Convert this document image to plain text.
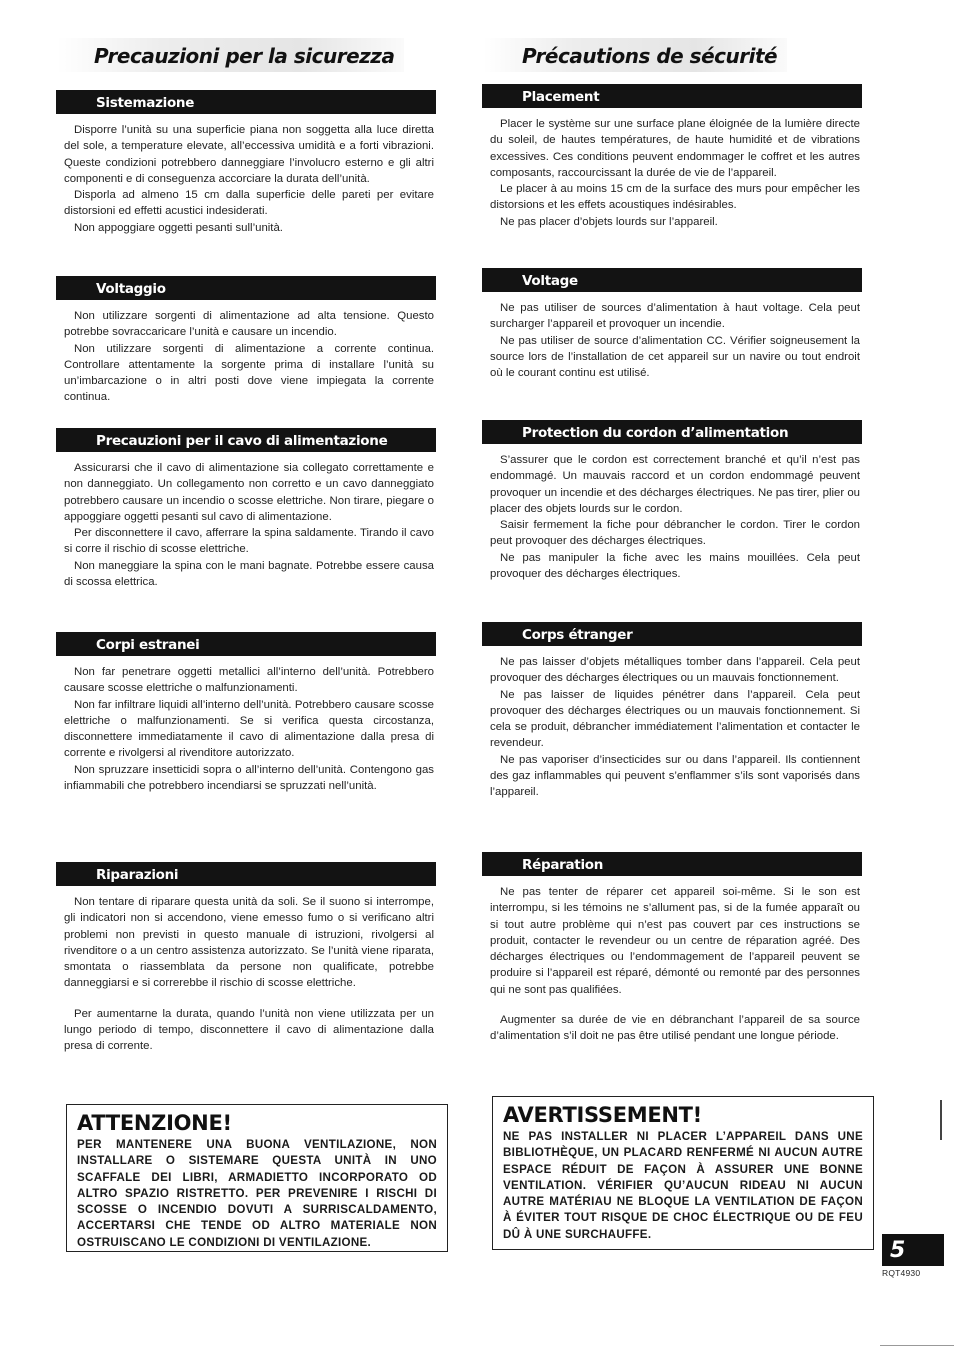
Precauzioni per la sicurezza
Sistemazione

Disporre l’unità su una superficie piana non soggetta alla luce diretta del sole, a temperature elevate, all’eccessiva umidità e a forti vibrazioni. Queste condizioni potrebbero danneggiare l’involucro esterno e gli altri componenti e di conseguenza accorciare la durata dell’unità.

Disporla ad almeno 15 cm dalla superficie delle pareti per evitare distorsioni ed effetti acustici indesiderati.

Non appoggiare oggetti pesanti sull’unità.

Voltaggio

Non utilizzare sorgenti di alimentazione ad alta tensione. Questo potrebbe sovraccaricare l’unità e causare un incendio.

Non utilizzare sorgenti di alimentazione a corrente continua. Controllare attentamente la sorgente prima di installare l’unità su un’imbarcazione o in altri posti dove viene impiegata la corrente continua.

Precauzioni per il cavo di alimentazione

Assicurarsi che il cavo di alimentazione sia collegato correttamente e non danneggiato. Un collegamento non corretto e un cavo danneggiato potrebbero causare un incendio o scosse elettriche. Non tirare, piegare o appoggiare oggetti pesanti sul cavo di alimentazione.

Per disconnettere il cavo, afferrare la spina saldamente. Tirando il cavo si corre il rischio di scosse elettriche.

Non maneggiare la spina con le mani bagnate. Potrebbe essere causa di scossa elettrica.

Corpi estranei

Non far penetrare oggetti metallici all’interno dell’unità. Potrebbero causare scosse elettriche o malfunzionamenti.

Non far infiltrare liquidi all’interno dell’unità. Potrebbero causare scosse elettriche o malfunzionamenti. Se si verifica questa circostanza, disconnettere immediatamente il cavo di alimentazione dalla presa di corrente e rivolgersi al rivenditore autorizzato.

Non spruzzare insetticidi sopra o all’interno dell’unità. Contengono gas infiammabili che potrebbero incendiarsi se spruzzati nell’unità.

Riparazioni

Non tentare di riparare questa unità da soli. Se il suono si interrompe, gli indicatori non si accendono, viene emesso fumo o si verificano altri problemi non previsti in questo manuale di istruzioni, rivolgersi al rivenditore o a un centro assistenza autorizzato. Se l’unità viene riparata, smontata o riassemblata da persone non qualificate, potrebbe danneggiarsi e si correrebbe il rischio di scosse elettriche.

Per aumentarne la durata, quando l’unità non viene utilizzata per un lungo periodo di tempo, disconnettere il cavo di alimentazione dalla presa di corrente.

ATTENZIONE!
PER MANTENERE UNA BUONA VENTILAZIONE, NON INSTALLARE O SISTEMARE QUESTA UNITÀ IN UNO SCAFFALE DEI LIBRI, ARMADIETTO INCORPORATO OD ALTRO SPAZIO RISTRETTO. PER PREVENIRE I RISCHI DI SCOSSE O INCENDIO DOVUTI A SURRISCALDAMENTO, ACCERTARSI CHE TENDE OD ALTRO MATERIALE NON OSTRUISCANO LE CONDIZIONI DI VENTILAZIONE.
Précautions de sécurité
Placement

Placer le système sur une surface plane éloignée de la lumière directe du soleil, de hautes températures, de haute humidité et de vibrations excessives. Ces conditions peuvent endommager le coffret et les autres composants, raccourcissant la durée de vie de l’appareil.

Le placer à au moins 15 cm de la surface des murs pour empêcher les distorsions et les effets acoustiques indésirables.

Ne pas placer d’objets lourds sur l’appareil.

Voltage

Ne pas utiliser de sources d’alimentation à haut voltage. Cela peut surcharger l’appareil et provoquer un incendie.

Ne pas utiliser de source d’alimentation CC. Vérifier soigneusement la source lors de l’installation de cet appareil sur un navire ou tout endroit où le courant continu est utilisé.

Protection du cordon d’alimentation

S’assurer que le cordon est correctement branché et qu’il n’est pas endommagé. Un mauvais raccord et un cordon endommagé peuvent provoquer un incendie et des décharges électriques. Ne pas tirer, plier ou placer des objets lourds sur le cordon.

Saisir fermement la fiche pour débrancher le cordon. Tirer le cordon peut provoquer des décharges électriques.

Ne pas manipuler la fiche avec les mains mouillées. Cela peut provoquer des décharges électriques.

Corps étranger

Ne pas laisser d’objets métalliques tomber dans l’appareil. Cela peut provoquer des décharges électriques ou un mauvais fonctionnement.

Ne pas laisser de liquides pénétrer dans l’appareil. Cela peut provoquer des décharges électriques ou un mauvais fonctionnement. Si cela se produit, débrancher immédiatement l’alimentation et contacter le revendeur.

Ne pas vaporiser d’insecticides sur ou dans l’appareil. Ils contiennent des gaz inflammables qui peuvent s’enflammer s’ils sont vaporisés dans l’appareil.

Réparation

Ne pas tenter de réparer cet appareil soi-même. Si le son est interrompu, si les témoins ne s’allument pas, si de la fumée apparaît ou si tout autre problème qui n’est pas couvert par ces instructions se produit, contacter le revendeur ou un centre de réparation agréé. Des décharges électriques ou l’endommagement de l’appareil peuvent se produire si l’appareil est réparé, démonté ou remonté par des personnes qui ne sont pas qualifiées.

Augmenter sa durée de vie en débranchant l’appareil de sa source d’alimentation s’il doit ne pas être utilisé pendant une longue période.

AVERTISSEMENT!
NE PAS INSTALLER NI PLACER L’APPAREIL DANS UNE BIBLIOTHÈQUE, UN PLACARD RENFERMÉ NI AUCUN AUTRE ESPACE RÉDUIT DE FAÇON À ASSURER UNE BONNE VENTILATION. VÉRIFIER QU’AUCUN RIDEAU NI AUCUN AUTRE MATÉRIAU NE BLOQUE LA VENTILATION DE FAÇON À ÉVITER TOUT RISQUE DE CHOC ÉLECTRIQUE OU DE FEU DÛ À UNE SURCHAUFFE.
5
RQT4930
